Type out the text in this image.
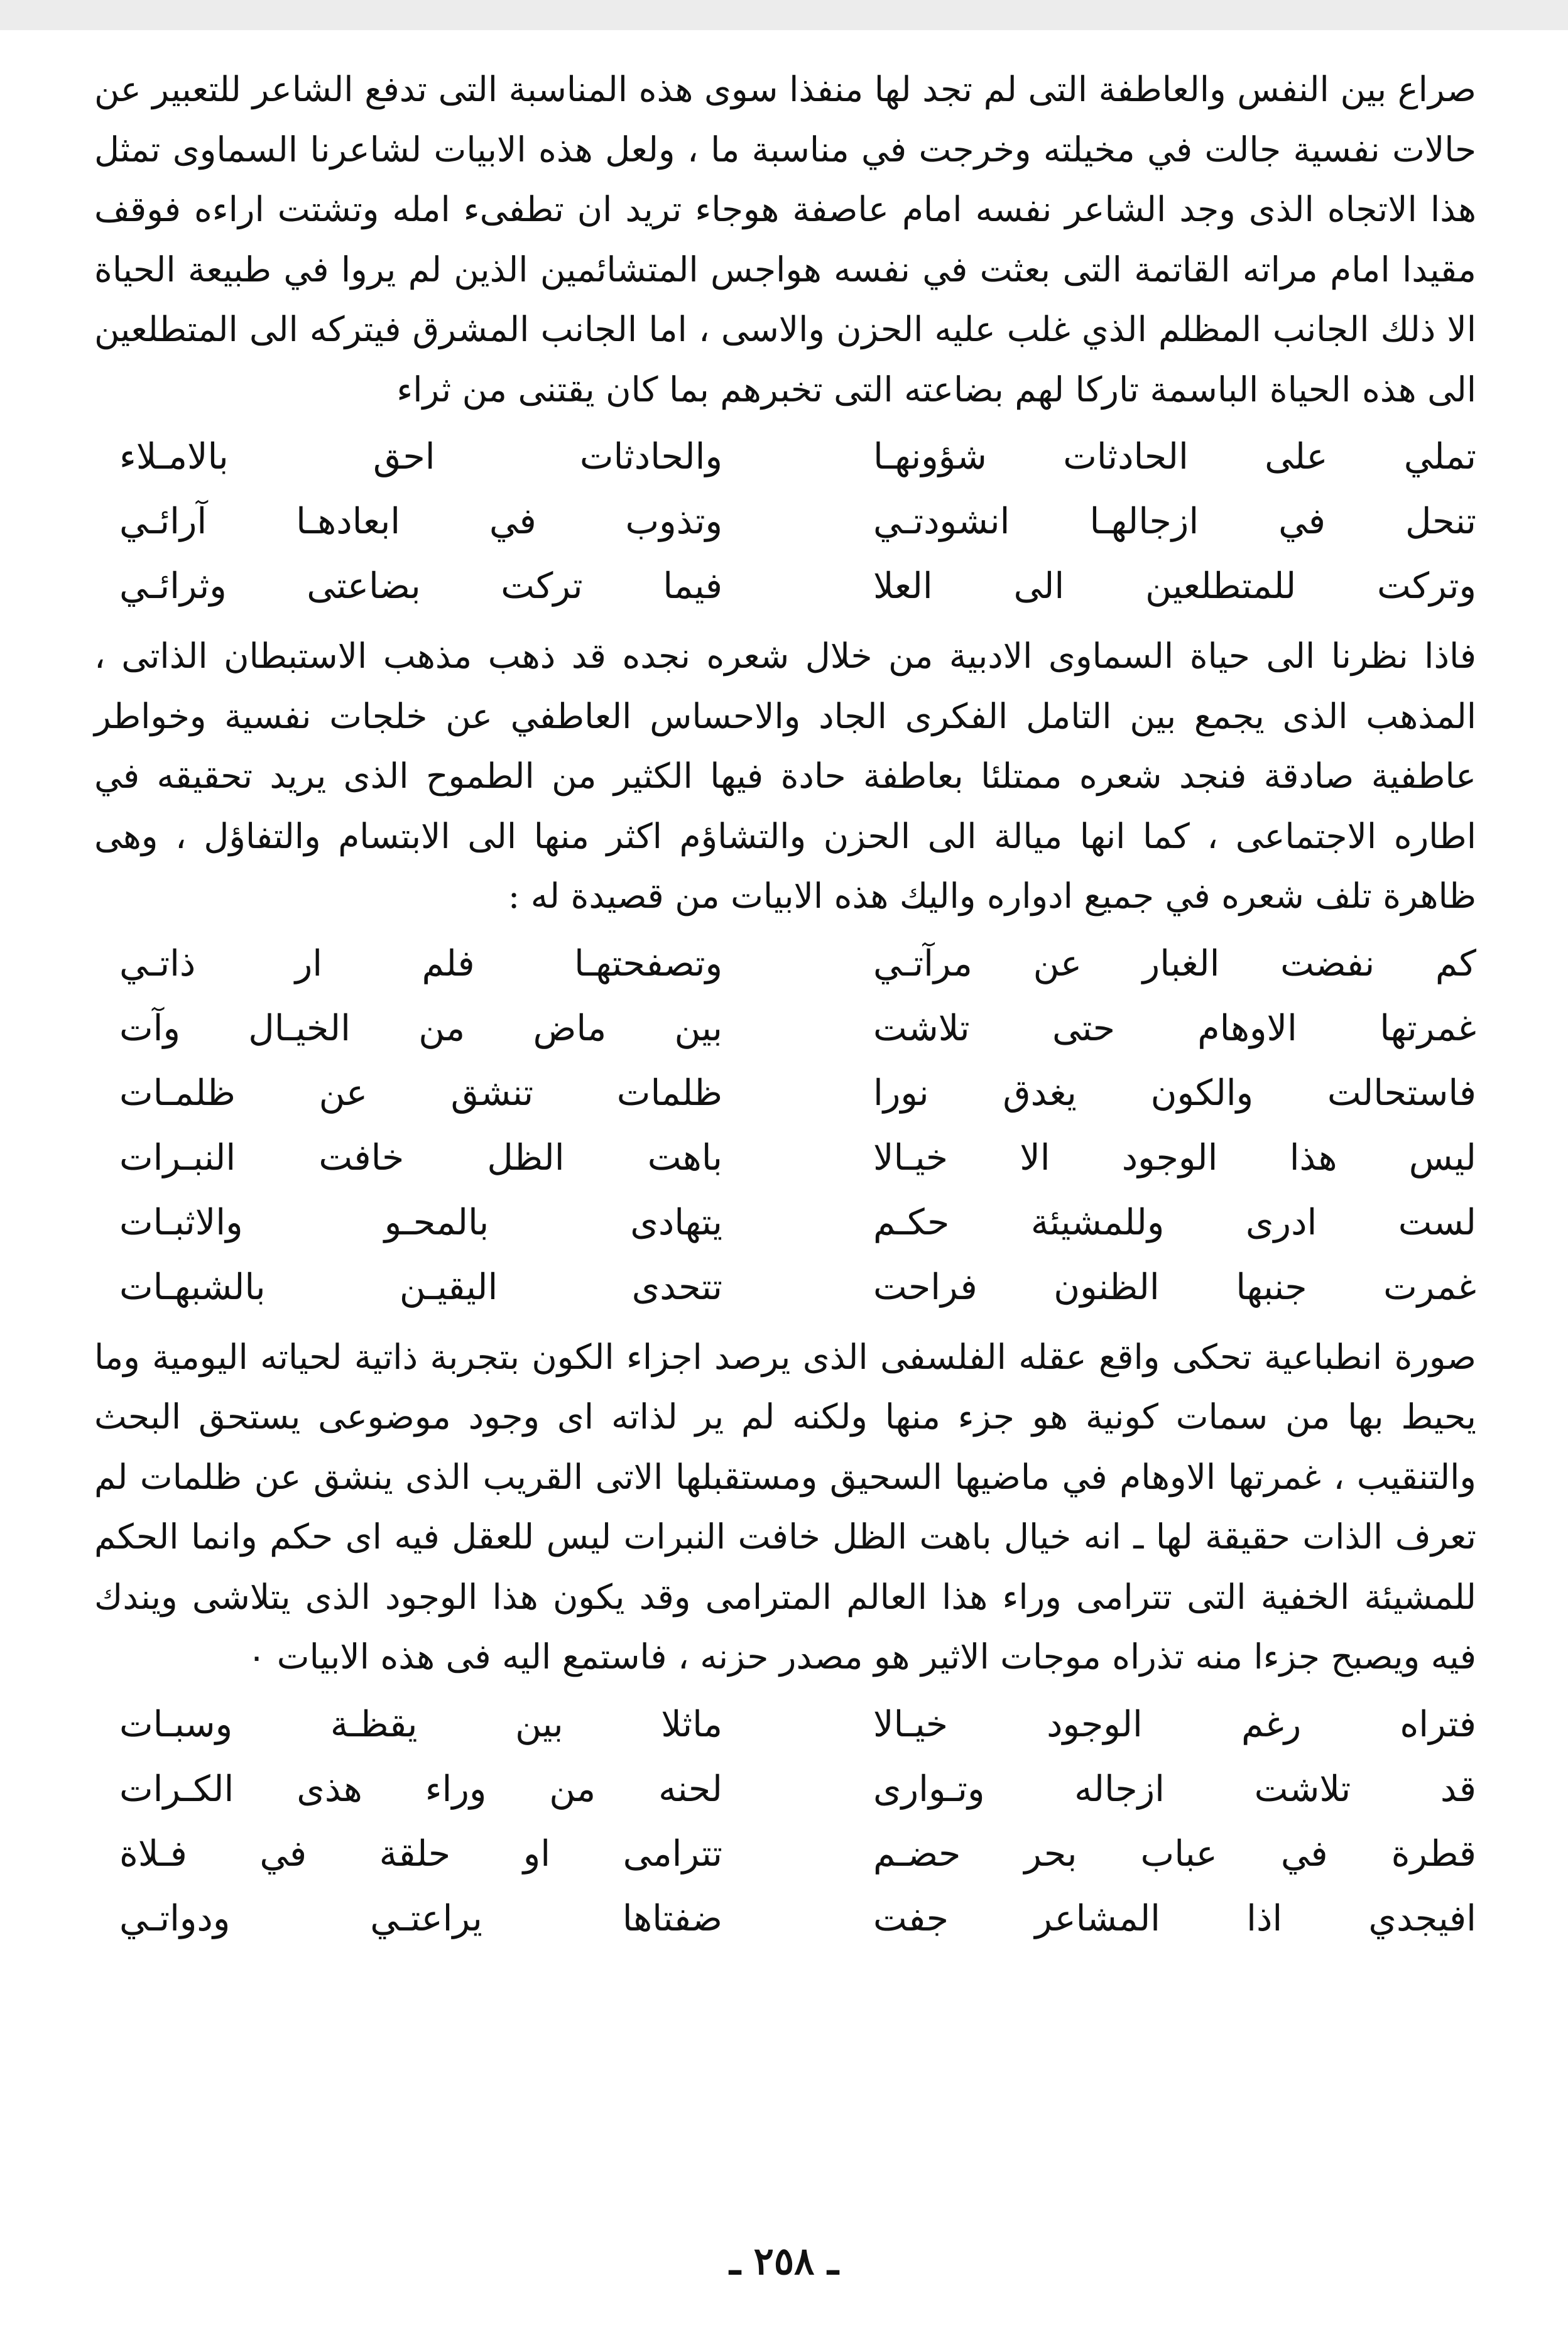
صراع بين النفس والعاطفة التى لم تجد لها منفذا سوى هذه المناسبة التى تدفع الشاعر للتعبير عن حالات نفسية جالت في مخيلته وخرجت في مناسبة ما ، ولعل هذه الابيات لشاعرنا السماوى تمثل هذا الاتجاه الذى وجد الشاعر نفسه امام عاصفة هوجاء تريد ان تطفىء امله وتشتت اراءه فوقف مقيدا امام مراته القاتمة التى بعثت في نفسه هواجس المتشائمين الذين لم يروا في طبيعة الحياة الا ذلك الجانب المظلم الذي غلب عليه الحزن والاسى ، اما الجانب المشرق فيتركه الى المتطلعين الى هذه الحياة الباسمة تاركا لهم بضاعته التى تخبرهم بما كان يقتنى من ثراء

تملي على الحادثات شؤونهـا
والحادثات احق بالامـلاء
تنحل في ازجالهـا انشودتـي
وتذوب في ابعادهـا آرائـي
وتركت للمتطلعين الى العلا
فيما تركت بضاعتى وثرائـي

فاذا نظرنا الى حياة السماوى الادبية من خلال شعره نجده قد ذهب مذهب الاستبطان الذاتى ، المذهب الذى يجمع بين التامل الفكرى الجاد والاحساس العاطفي عن خلجات نفسية وخواطر عاطفية صادقة فنجد شعره ممتلئا بعاطفة حادة فيها الكثير من الطموح الذى يريد تحقيقه في اطاره الاجتماعى ، كما انها ميالة الى الحزن والتشاؤم اكثر منها الى الابتسام والتفاؤل ، وهى ظاهرة تلف شعره في جميع ادواره واليك هذه الابيات من قصيدة له :

كم نفضت الغبار عن مرآتـي
وتصفحتهـا فلم ار ذاتـي
غمرتها الاوهام حتى تلاشت
بين ماض من الخيـال وآت
فاستحالت والكون يغدق نورا
ظلمات تنشق عن ظلمـات
ليس هذا الوجود الا خيـالا
باهت الظل خافت النبـرات
لست ادرى وللمشيئة حكـم
يتهادى بالمحـو والاثبـات
غمرت جنبها الظنون فراحت
تتحدى اليقيـن بالشبهـات

صورة انطباعية تحكى واقع عقله الفلسفى الذى يرصد اجزاء الكون بتجربة ذاتية لحياته اليومية وما يحيط بها من سمات كونية هو جزء منها ولكنه لم ير لذاته اى وجود موضوعى يستحق البحث والتنقيب ، غمرتها الاوهام في ماضيها السحيق ومستقبلها الاتى القريب الذى ينشق عن ظلمات لم تعرف الذات حقيقة لها ـ انه خيال باهت الظل خافت النبرات ليس للعقل فيه اى حكم وانما الحكم للمشيئة الخفية التى تترامى وراء هذا العالم المترامى وقد يكون هذا الوجود الذى يتلاشى ويندك فيه ويصبح جزءا منه تذراه موجات الاثير هو مصدر حزنه ، فاستمع اليه فى هذه الابيات ٠

فتراه رغم الوجود خيـالا
ماثلا بين يقظـة وسبـات
قد تلاشت ازجاله وتـوارى
لحنه من وراء هذى الكـرات
قطرة في عباب بحر حضـم
تترامى او حلقة في فـلاة
افيجدي اذا المشاعر جفت
ضفتاها يراعتـي ودواتـي
ـ ٢٥٨ ـ
